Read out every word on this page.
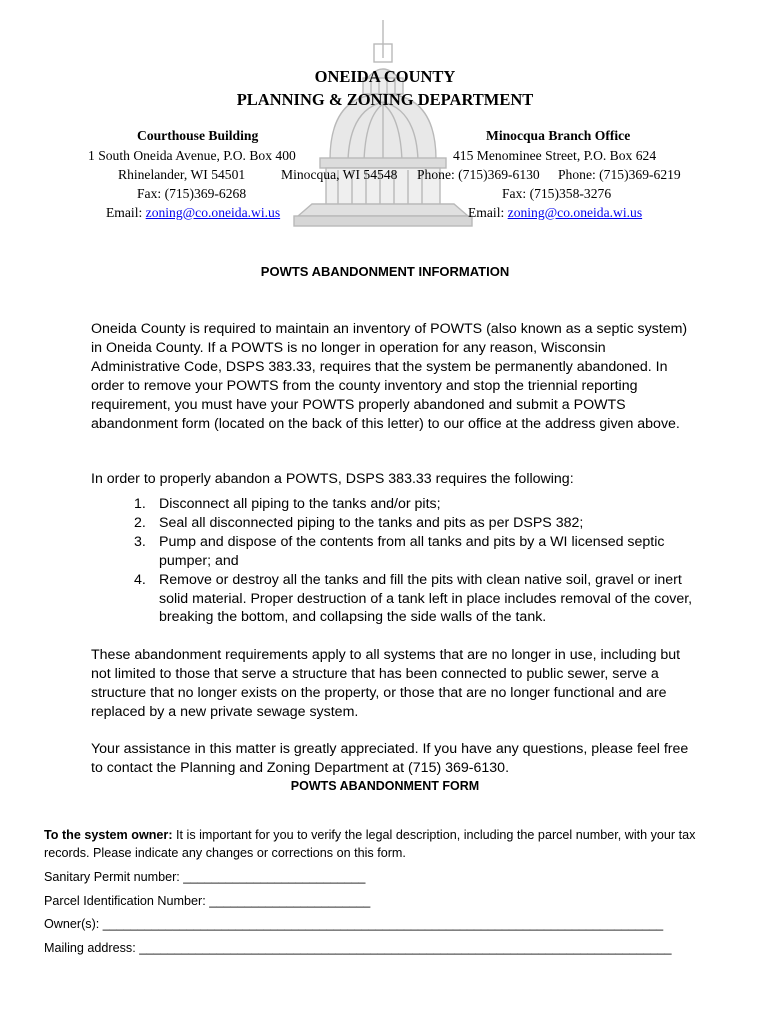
ONEIDA COUNTY
PLANNING & ZONING DEPARTMENT
Courthouse Building	Minocqua Branch Office
1 South Oneida Avenue, P.O. Box 400	415 Menominee Street, P.O. Box 624
Rhinelander, WI 54501	Minocqua, WI 54548 Phone: (715)369-6130 Phone: (715)369-6219
Fax: (715)369-6268	Fax: (715)358-3276
Email: zoning@co.oneida.wi.us	Email: zoning@co.oneida.wi.us
POWTS ABANDONMENT INFORMATION

Oneida County is required to maintain an inventory of POWTS (also known as a septic system) in Oneida County. If a POWTS is no longer in operation for any reason, Wisconsin Administrative Code, DSPS 383.33, requires that the system be permanently abandoned. In order to remove your POWTS from the county inventory and stop the triennial reporting requirement, you must have your POWTS properly abandoned and submit a POWTS abandonment form (located on the back of this letter) to our office at the address given above.

In order to properly abandon a POWTS, DSPS 383.33 requires the following:

1. Disconnect all piping to the tanks and/or pits;
2. Seal all disconnected piping to the tanks and pits as per DSPS 382;
3. Pump and dispose of the contents from all tanks and pits by a WI licensed septic pumper; and
4. Remove or destroy all the tanks and fill the pits with clean native soil, gravel or inert solid material. Proper destruction of a tank left in place includes removal of the cover, breaking the bottom, and collapsing the side walls of the tank.

These abandonment requirements apply to all systems that are no longer in use, including but not limited to those that serve a structure that has been connected to public sewer, serve a structure that no longer exists on the property, or those that are no longer functional and are replaced by a new private sewage system.

Your assistance in this matter is greatly appreciated. If you have any questions, please feel free to contact the Planning and Zoning Department at (715) 369-6130.

POWTS ABANDONMENT FORM
To the system owner: It is important for you to verify the legal description, including the parcel number, with your tax records. Please indicate any changes or corrections on this form.
Sanitary Permit number: __________________________
Parcel Identification Number: _______________________
Owner(s): ________________________________________________________________________________
Mailing address: ____________________________________________________________________________
